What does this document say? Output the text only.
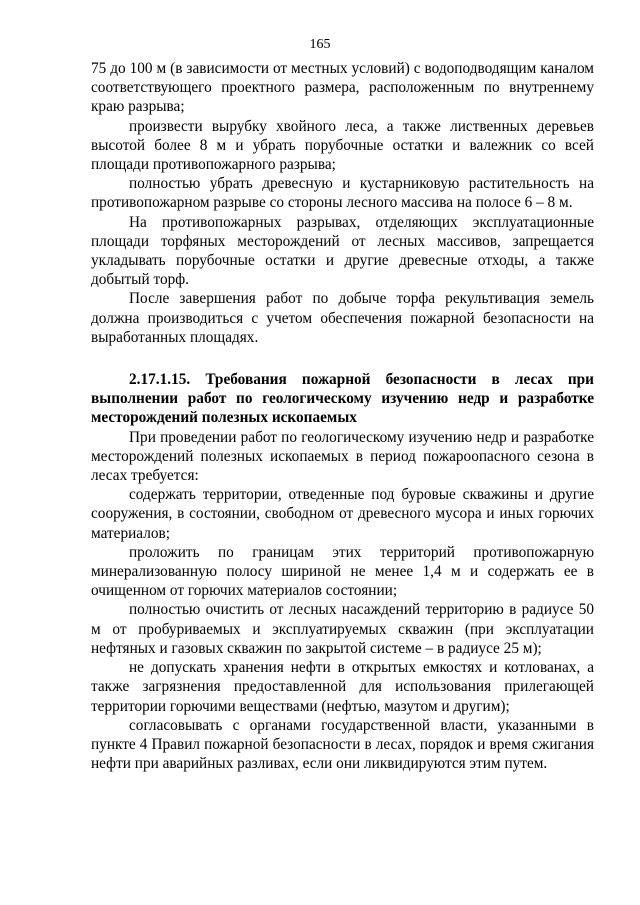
165

75 до 100 м (в зависимости от местных условий) с водоподводящим каналом соответствующего проектного размера, расположенным по внутреннему краю разрыва;

произвести вырубку хвойного леса, а также лиственных деревьев высотой более 8 м и убрать порубочные остатки и валежник со всей площади противопожарного разрыва;

полностью убрать древесную и кустарниковую растительность на противопожарном разрыве со стороны лесного массива на полосе 6 – 8 м.

На противопожарных разрывах, отделяющих эксплуатационные площади торфяных месторождений от лесных массивов, запрещается укладывать порубочные остатки и другие древесные отходы, а также добытый торф.

После завершения работ по добыче торфа рекультивация земель должна производиться с учетом обеспечения пожарной безопасности на выработанных площадях.

2.17.1.15. Требования пожарной безопасности в лесах при выполнении работ по геологическому изучению недр и разработке месторождений полезных ископаемых

При проведении работ по геологическому изучению недр и разработке месторождений полезных ископаемых в период пожароопасного сезона в лесах требуется:

содержать территории, отведенные под буровые скважины и другие сооружения, в состоянии, свободном от древесного мусора и иных горючих материалов;

проложить по границам этих территорий противопожарную минерализованную полосу шириной не менее 1,4 м и содержать ее в очищенном от горючих материалов состоянии;

полностью очистить от лесных насаждений территорию в радиусе 50 м от пробуриваемых и эксплуатируемых скважин (при эксплуатации нефтяных и газовых скважин по закрытой системе – в радиусе 25 м);

не допускать хранения нефти в открытых емкостях и котлованах, а также загрязнения предоставленной для использования прилегающей территории горючими веществами (нефтью, мазутом и другим);

согласовывать с органами государственной власти, указанными в пункте 4 Правил пожарной безопасности в лесах, порядок и время сжигания нефти при аварийных разливах, если они ликвидируются этим путем.
